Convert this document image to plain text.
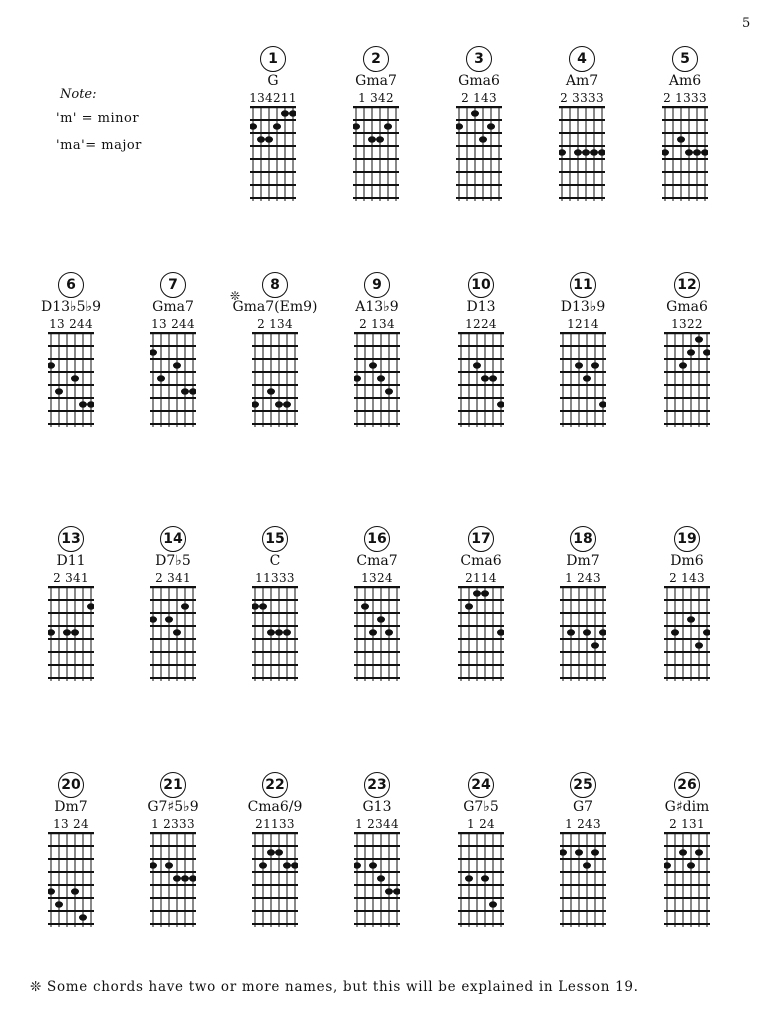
5
Note:
'm' = minor
'ma'= major
1
G
134211
2
Gma7
1 342
3
Gma6
2 143
4
Am7
2 3333
5
Am6
2 1333
6
D13♭5♭9
13 244
7
Gma7
13 244
8
Gma7(Em9)
2 134
9
A13♭9
2 134
10
D13
1224
11
D13♭9
1214
12
Gma6
1322
13
D11
2 341
14
D7♭5
2 341
15
C
11333
16
Cma7
1324
17
Cma6
2114
18
Dm7
1 243
19
Dm6
2 143
20
Dm7
13 24
21
G7♯5♭9
1 2333
22
Cma6/9
21133
23
G13
1 2344
24
G7♭5
1 24
25
G7
1 243
26
G♯dim
2 131
❊
❊ Some chords have two or more names, but this will be explained in Lesson 19.
